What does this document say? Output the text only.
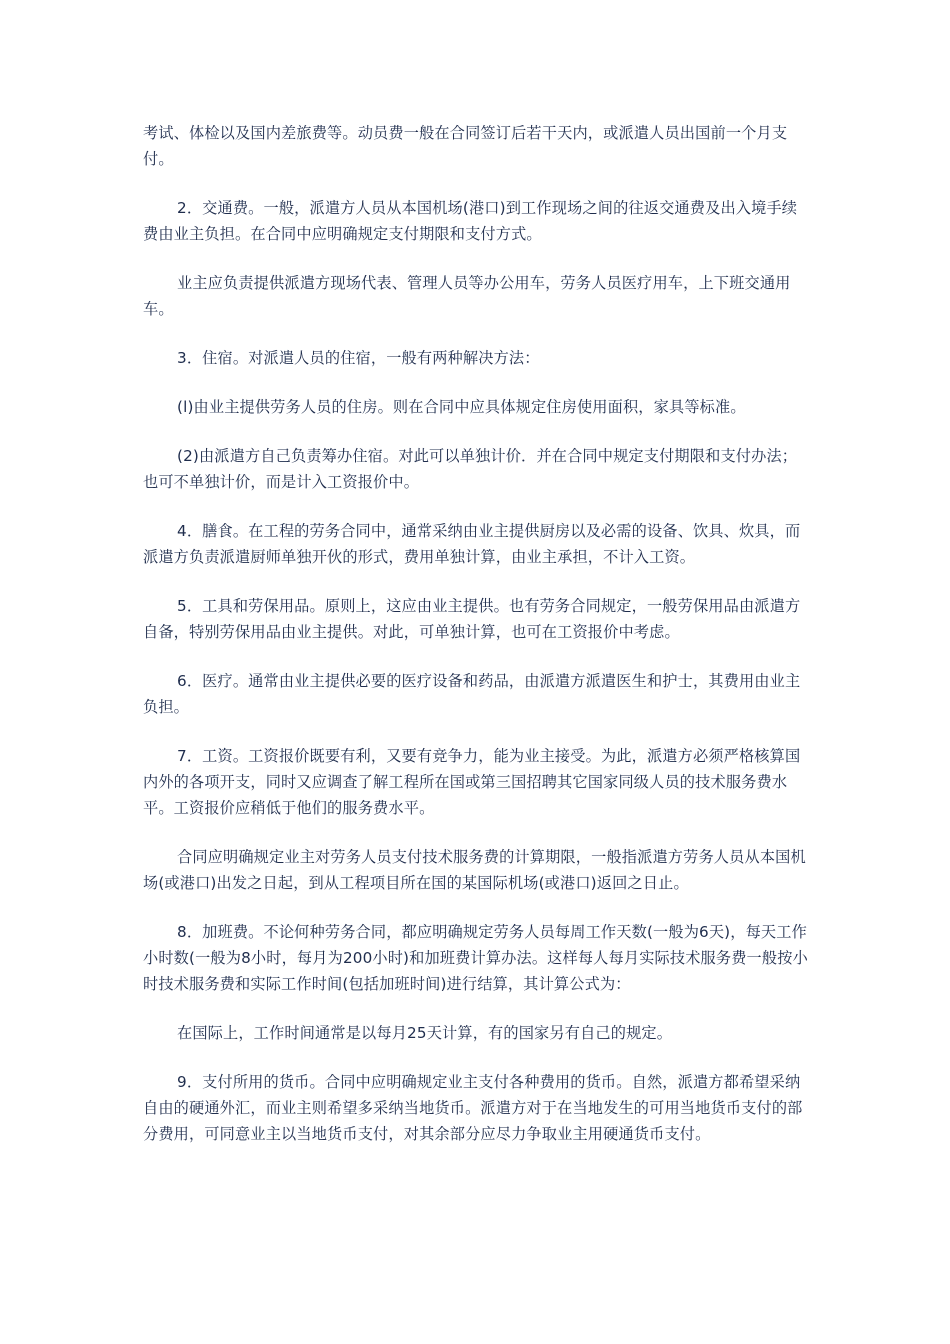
考试、体检以及国内差旅费等。动员费一般在合同签订后若干天内，或派遣人员出国前一个月支付。

2．交通费。一般，派遣方人员从本国机场(港口)到工作现场之间的往返交通费及出入境手续费由业主负担。在合同中应明确规定支付期限和支付方式。

业主应负责提供派遣方现场代表、管理人员等办公用车，劳务人员医疗用车，上下班交通用车。

3．住宿。对派遣人员的住宿，一般有两种解决方法：

(l)由业主提供劳务人员的住房。则在合同中应具体规定住房使用面积，家具等标准。

(2)由派遣方自己负责筹办住宿。对此可以单独计价．并在合同中规定支付期限和支付办法；也可不单独计价，而是计入工资报价中。

4．膳食。在工程的劳务合同中，通常采纳由业主提供厨房以及必需的设备、饮具、炊具，而派遣方负责派遣厨师单独开伙的形式，费用单独计算，由业主承担，不计入工资。

5．工具和劳保用品。原则上，这应由业主提供。也有劳务合同规定，一般劳保用品由派遣方自备，特别劳保用品由业主提供。对此，可单独计算，也可在工资报价中考虑。

6．医疗。通常由业主提供必要的医疗设备和药品，由派遣方派遣医生和护士，其费用由业主负担。

7．工资。工资报价既要有利，又要有竞争力，能为业主接受。为此，派遣方必须严格核算国内外的各项开支，同时又应调查了解工程所在国或第三国招聘其它国家同级人员的技术服务费水平。工资报价应稍低于他们的服务费水平。

合同应明确规定业主对劳务人员支付技术服务费的计算期限，一般指派遣方劳务人员从本国机场(或港口)出发之日起，到从工程项目所在国的某国际机场(或港口)返回之日止。

8．加班费。不论何种劳务合同，都应明确规定劳务人员每周工作天数(一般为6天)，每天工作小时数(一般为8小时，每月为200小时)和加班费计算办法。这样每人每月实际技术服务费一般按小时技术服务费和实际工作时间(包括加班时间)进行结算，其计算公式为：

在国际上，工作时间通常是以每月25天计算，有的国家另有自己的规定。

9．支付所用的货币。合同中应明确规定业主支付各种费用的货币。自然，派遣方都希望采纳自由的硬通外汇，而业主则希望多采纳当地货币。派遣方对于在当地发生的可用当地货币支付的部分费用，可同意业主以当地货币支付，对其余部分应尽力争取业主用硬通货币支付。
